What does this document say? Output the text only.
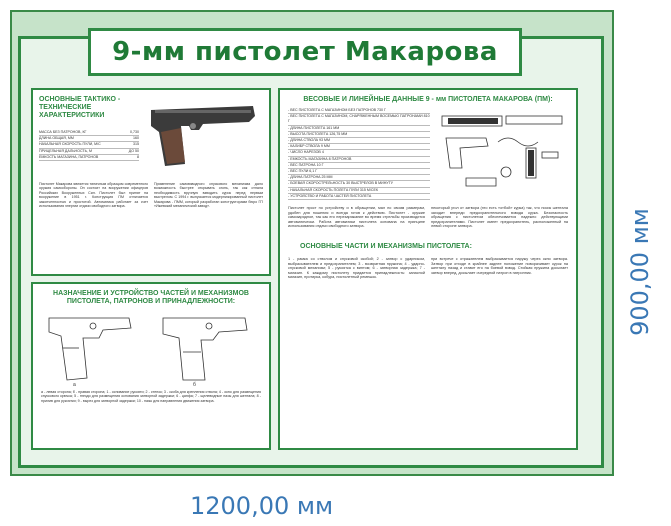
9-мм пистолет Макарова
ОСНОВНЫЕ ТАКТИКО - ТЕХНИЧЕСКИЕ ХАРАКТЕРИСТИКИ
МАССА БЕЗ ПАТРОНОВ, КГ	0,730
ДЛИНА ОБЩАЯ, ММ	160
НАЧАЛЬНАЯ СКОРОСТЬ ПУЛИ, М/С	315
ПРИЦЕЛЬНАЯ ДАЛЬНОСТЬ, М	ДО 50
ЕМКОСТЬ МАГАЗИНА, ПАТРОНОВ	8
Пистолет Макарова является типичным образцом современного оружия самообороны. Он состоит на вооружении офицеров Российских Вооруженных Сил. Пистолет был принят на вооружение в 1951 г. Конструкция ПМ отличается законченностью и простотой. Автоматика работает за счет использования энергии отдачи свободного затвора.
Применение самовзводного спускового механизма дало возможность быстрее открывать огонь, так как отпала необходимость вручную взводить курок перед первым выстрелом. С 1994 г. выпускается модернизированный пистолет Макарова - ПММ, который разработан конструкторами бюро ГП «Ижевский механический завод».
НАЗНАЧЕНИЕ И УСТРОЙСТВО ЧАСТЕЙ И МЕХАНИЗМОВ ПИСТОЛЕТА, ПАТРОНОВ И ПРИНАДЛЕЖНОСТИ:
а	б
а - левая сторона; б - правая сторона; 1 - основание рукояти; 2 - стенок; 3 - скоба для крепления ствола; 4 - окно для размещения спускового крючка; 5 - гнездо для размещения основания затворной задержки; 6 - цапфа; 7 - щелевидные пазы для шептала; 8 - прилив для рукоятки; 9 - вырез для затворной задержки; 10 - пазы для направления движения затвора.
ВЕСОВЫЕ И ЛИНЕЙНЫЕ ДАННЫЕ 9 - мм ПИСТОЛЕТА МАКАРОВА (ПМ):
- ВЕС ПИСТОЛЕТА С МАГАЗИНОМ БЕЗ ПАТРОНОВ 730 Г
- ВЕС ПИСТОЛЕТА С МАГАЗИНОМ, СНАРЯЖЕННЫМ ВОСЕМЬЮ ПАТРОНАМИ 810 Г
- ДЛИНА ПИСТОЛЕТА 161 ММ
- ВЫСОТА ПИСТОЛЕТА 126,75 ММ
- ДЛИНА СТВОЛА 93 ММ
- КАЛИБР СТВОЛА 9 ММ
- ЧИСЛО НАРЕЗОВ 4
- ЕМКОСТЬ МАГАЗИНА 8 ПАТРОНОВ
- ВЕС ПАТРОНА 10 Г
- ВЕС ПУЛИ 6,1 Г
- ДЛИНА ПАТРОНА 25 ММ
- БОЕВАЯ СКОРОСТРЕЛЬНОСТЬ 30 ВЫСТРЕЛОВ В МИНУТУ
- НАЧАЛЬНАЯ СКОРОСТЬ ПОЛЕТА ПУЛИ 315 М/СЕК
- УСТРОЙСТВО И РАБОТА ЧАСТЕЙ ПИСТОЛЕТА
Пистолет прост по устройству и в обращении, мал по своим размерам, удобен для ношения и всегда готов к действию. Пистолет - оружие самозарядное, так как его перезаряжание во время стрельбы производится автоматически. Работа автоматики пистолета основана на принципе использования отдачи свободного затвора.
некоторый угол от затвора (это есть «отбой» курка) так, что носик шептала заходит впереди предохранительного взвода курка. Безопасность обращения с пистолетом обеспечивается надежно действующими предохранителями. Пистолет имеет предохранитель, расположенный на левой стороне затвора.
ОСНОВНЫЕ ЧАСТИ И МЕХАНИЗМЫ ПИСТОЛЕТА:
1 - рамка со стволом и спусковой скобой; 2 - затвор с ударником, выбрасывателем и предохранителем; 3 - возвратная пружина; 4 - ударно-спусковой механизм; 5 - рукоятка с винтом; 6 - затворная задержка; 7 - магазин. К каждому пистолету придается принадлежность: запасной магазин, протирка, кобура, пистолетный ремешок.
при встрече с отражателем выбрасывается наружу через окно затвора. Затвор при отходе в крайнее заднее положение поворачивает курок на шепталу назад и ставит его на боевой взвод. Стойкая пружина досылает затвор вперед, досылает очередной патрон в патронник.
1200,00 мм
900,00 мм
